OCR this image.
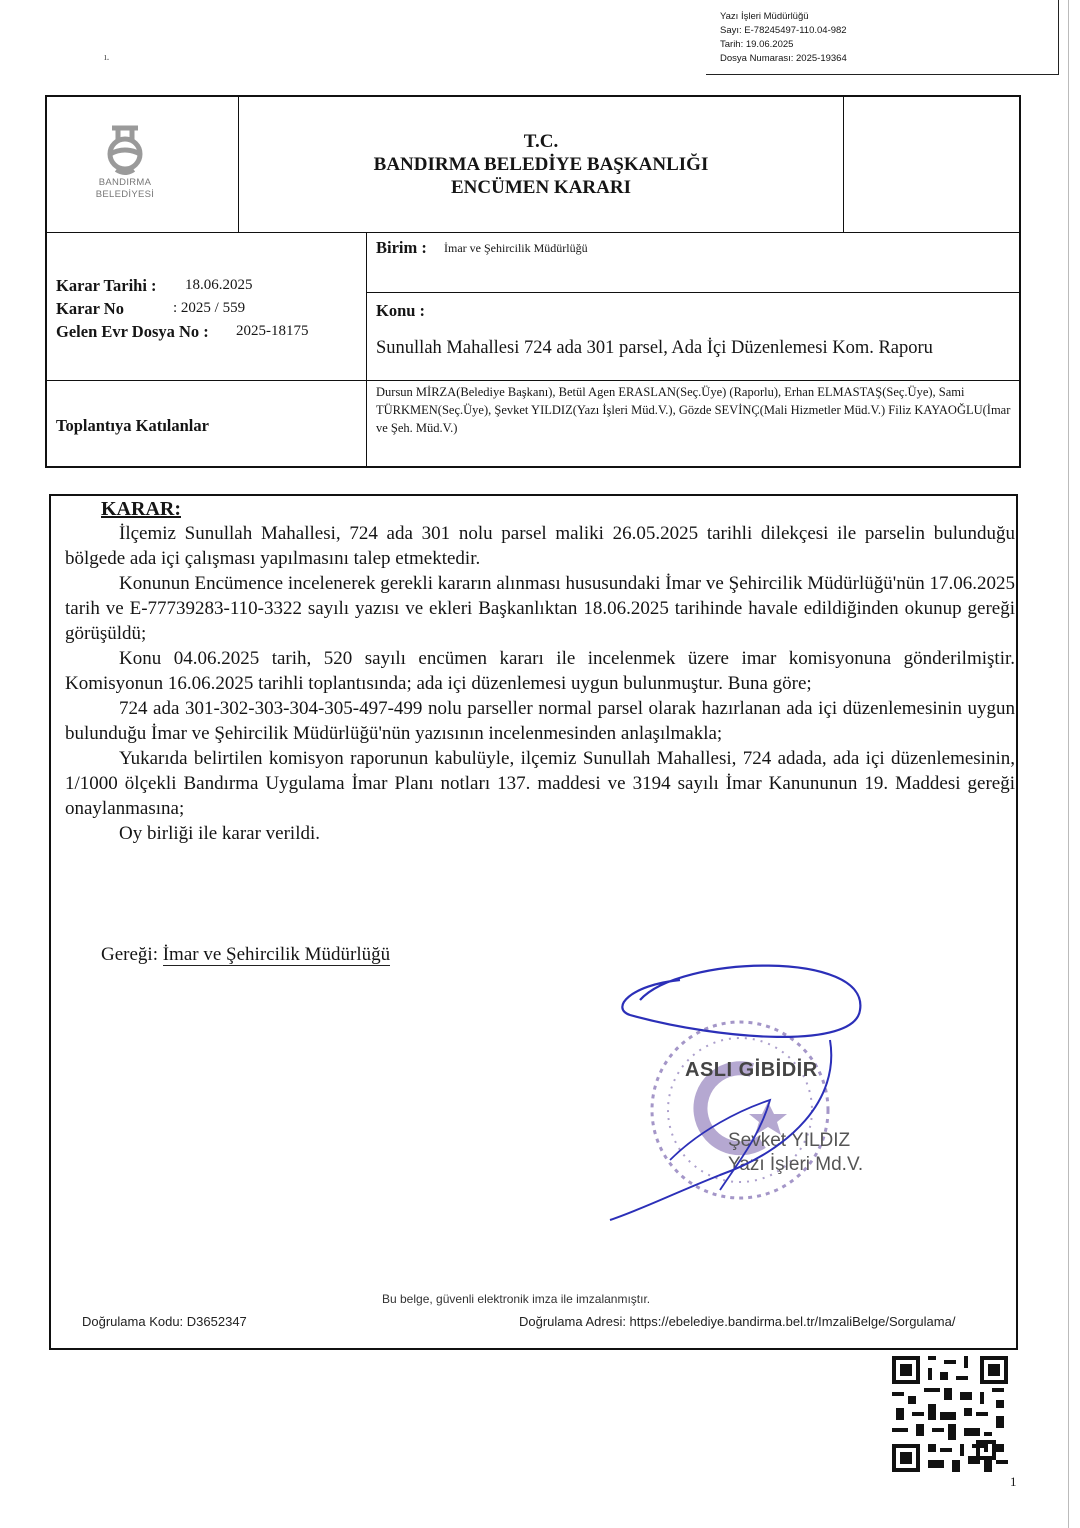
Yazı İşleri Müdürlüğü
Sayı: E-78245497-110.04-982
Tarih: 19.06.2025
Dosya Numarası: 2025-19364
ı.
BANDIRMA
BELEDİYESİ
T.C.
BANDIRMA BELEDİYE BAŞKANLIĞI
ENCÜMEN KARARI
Karar Tarihi : 18.06.2025
Karar No	: 2025 / 559
Gelen Evr Dosya No : 2025-18175
Birim : İmar ve Şehircilik Müdürlüğü
Konu :
Sunullah Mahallesi 724 ada 301 parsel, Ada İçi Düzenlemesi Kom. Raporu
Toplantıya Katılanlar
Dursun MİRZA(Belediye Başkanı), Betül Agen ERASLAN(Seç.Üye) (Raporlu), Erhan ELMASTAŞ(Seç.Üye), Sami TÜRKMEN(Seç.Üye), Şevket YILDIZ(Yazı İşleri Müd.V.), Gözde SEVİNÇ(Mali Hizmetler Müd.V.) Filiz KAYAOĞLU(İmar ve Şeh. Müd.V.)
KARAR:

İlçemiz Sunullah Mahallesi, 724 ada 301 nolu parsel maliki 26.05.2025 tarihli dilekçesi ile parselin bulunduğu bölgede ada içi çalışması yapılmasını talep etmektedir.

Konunun Encümence incelenerek gerekli kararın alınması hususundaki İmar ve Şehircilik Müdürlüğü'nün 17.06.2025 tarih ve E-77739283-110-3322 sayılı yazısı ve ekleri Başkanlıktan 18.06.2025 tarihinde havale edildiğinden okunup gereği görüşüldü;

Konu 04.06.2025 tarih, 520 sayılı encümen kararı ile incelenmek üzere imar komisyonuna gönderilmiştir. Komisyonun 16.06.2025 tarihli toplantısında; ada içi düzenlemesi uygun bulunmuştur. Buna göre;

724 ada 301-302-303-304-305-497-499 nolu parseller normal parsel olarak hazırlanan ada içi düzenlemesinin uygun bulunduğu İmar ve Şehircilik Müdürlüğü'nün yazısının incelenmesinden anlaşılmakla;

Yukarıda belirtilen komisyon raporunun kabulüyle, ilçemiz Sunullah Mahallesi, 724 adada, ada içi düzenlemesinin, 1/1000 ölçekli Bandırma Uygulama İmar Planı notları 137. maddesi ve 3194 sayılı İmar Kanununun 19. Maddesi gereği onaylanmasına;

Oy birliği ile karar verildi.

Gereği: İmar ve Şehircilik Müdürlüğü
ASLI GİBİDİR
Şevket YILDIZ
Yazı İşleri Md.V.
Bu belge, güvenli elektronik imza ile imzalanmıştır.
Doğrulama Kodu: D3652347	Doğrulama Adresi: https://ebelediye.bandirma.bel.tr/ImzaliBelge/Sorgulama/
1
